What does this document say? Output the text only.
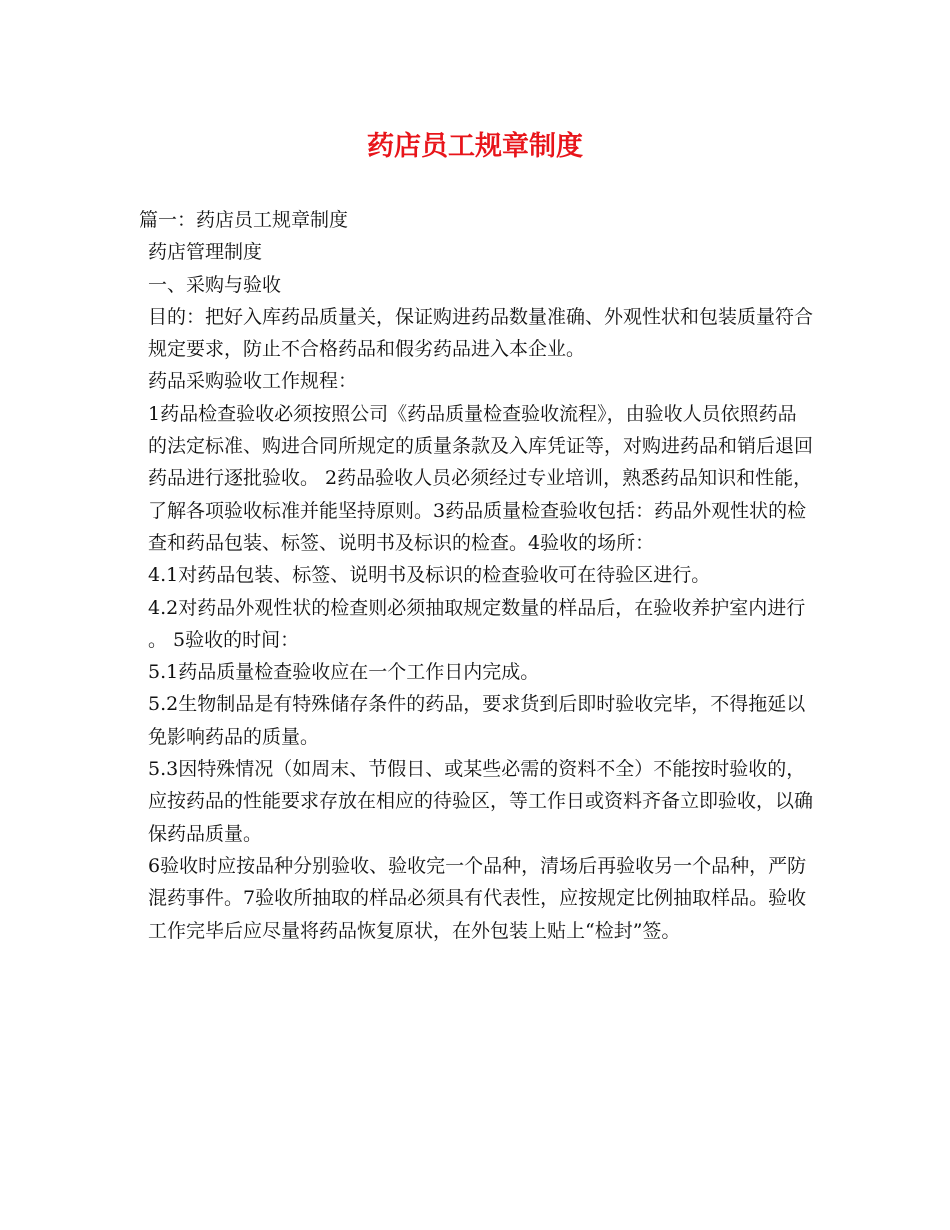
药店员工规章制度

篇一：药店员工规章制度

药店管理制度

一、采购与验收

目的：把好入库药品质量关，保证购进药品数量准确、外观性状和包装质量符合规定要求，防止不合格药品和假劣药品进入本企业。

药品采购验收工作规程：

1药品检查验收必须按照公司《药品质量检查验收流程》，由验收人员依照药品的法定标准、购进合同所规定的质量条款及入库凭证等，对购进药品和销后退回药品进行逐批验收。 2药品验收人员必须经过专业培训，熟悉药品知识和性能，了解各项验收标准并能坚持原则。3药品质量检查验收包括：药品外观性状的检查和药品包装、标签、说明书及标识的检查。4验收的场所：

4.1对药品包装、标签、说明书及标识的检查验收可在待验区进行。

4.2对药品外观性状的检查则必须抽取规定数量的样品后，在验收养护室内进行。 5验收的时间：

5.1药品质量检查验收应在一个工作日内完成。

5.2生物制品是有特殊储存条件的药品，要求货到后即时验收完毕，不得拖延以免影响药品的质量。

5.3因特殊情况（如周末、节假日、或某些必需的资料不全）不能按时验收的，应按药品的性能要求存放在相应的待验区，等工作日或资料齐备立即验收，以确保药品质量。

6验收时应按品种分别验收、验收完一个品种，清场后再验收另一个品种，严防混药事件。7验收所抽取的样品必须具有代表性，应按规定比例抽取样品。验收工作完毕后应尽量将药品恢复原状，在外包装上贴上“检封”签。
